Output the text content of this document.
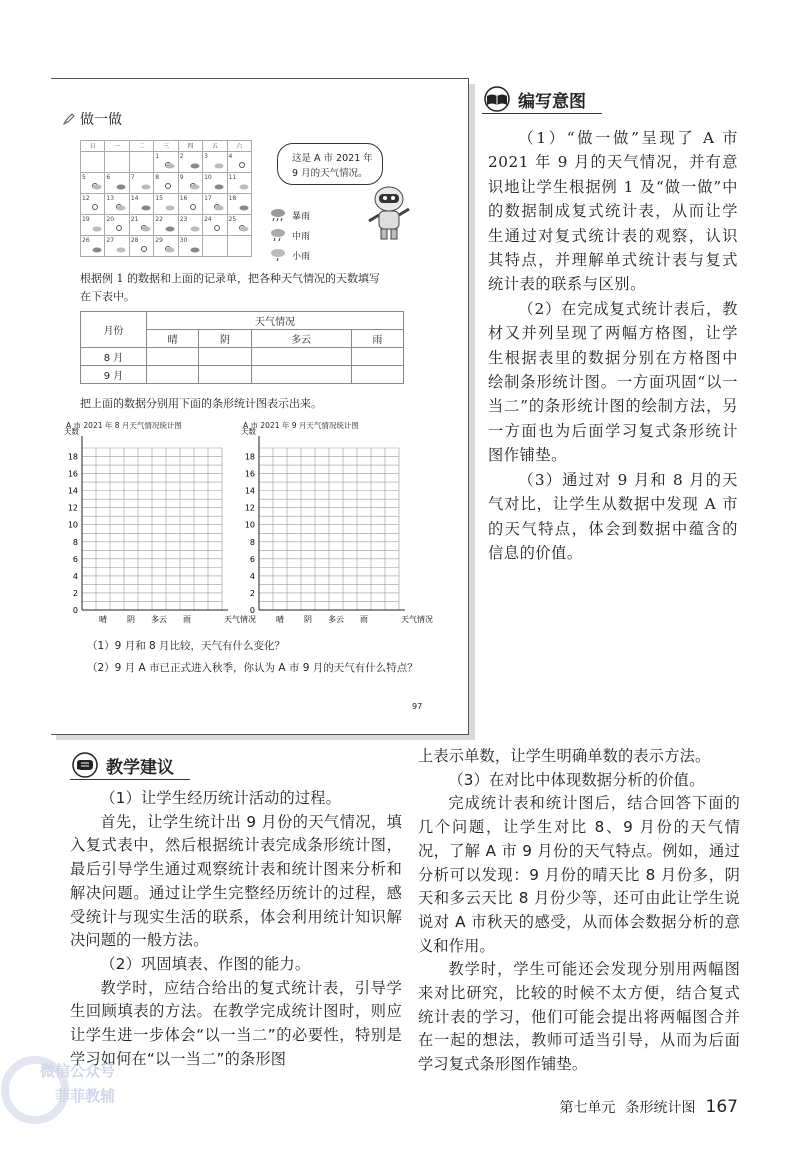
做一做
日	一	二	三	四	五	六
			1	2	3	4

5	6	7	8	9	10	11

12	13	14	15	16	17	18

19	20	21	22	23	24	25

26	27	28	29	30

这是 A 市 2021 年
9 月的天气情况。
暴雨
中雨
小雨
根据例 1 的数据和上面的记录单，把各种天气情况的天数填写
在下表中。
月份	天气情况			
	晴	阴	多云	雨
8 月				
9 月				
把上面的数据分别用下面的条形统计图表示出来。
A 市 2021 年 8 月天气情况统计图
天数
0
2
4
6
8
10
12
14
16
18
晴	阴 多云 雨	天气情况
A 市 2021 年 9 月天气情况统计图
天数
0
2
4
6
8
10
12
14
16
18
晴	阴 多云 雨	天气情况
（1）9 月和 8 月比较，天气有什么变化？
（2）9 月 A 市已正式进入秋季，你认为 A 市 9 月的天气有什么特点？
97
编写意图

（1）“做一做”呈现了 A 市 2021 年 9 月的天气情况，并有意识地让学生根据例 1 及“做一做”中的数据制成复式统计表，从而让学生通过对复式统计表的观察，认识其特点，并理解单式统计表与复式统计表的联系与区别。

（2）在完成复式统计表后，教材又并列呈现了两幅方格图，让学生根据表里的数据分别在方格图中绘制条形统计图。一方面巩固“以一当二”的条形统计图的绘制方法，另一方面也为后面学习复式条形统计图作铺垫。

（3）通过对 9 月和 8 月的天气对比，让学生从数据中发现 A 市的天气特点，体会到数据中蕴含的信息的价值。

教学建议

（1）让学生经历统计活动的过程。

首先，让学生统计出 9 月份的天气情况，填入复式表中，然后根据统计表完成条形统计图，最后引导学生通过观察统计表和统计图来分析和解决问题。通过让学生完整经历统计的过程，感受统计与现实生活的联系，体会利用统计知识解决问题的一般方法。

（2）巩固填表、作图的能力。

教学时，应结合给出的复式统计表，引导学生回顾填表的方法。在教学完成统计图时，则应让学生进一步体会“以一当二”的必要性，特别是学习如何在“以一当二”的条形图

上表示单数，让学生明确单数的表示方法。

（3）在对比中体现数据分析的价值。

完成统计表和统计图后，结合回答下面的几个问题，让学生对比 8、9 月份的天气情况，了解 A 市 9 月份的天气特点。例如，通过分析可以发现：9 月份的晴天比 8 月份多，阴天和多云天比 8 月份少等，还可由此让学生说说对 A 市秋天的感受，从而体会数据分析的意义和作用。

教学时，学生可能还会发现分别用两幅图来对比研究，比较的时候不太方便，结合复式统计表的学习，他们可能会提出将两幅图合并在一起的想法，教师可适当引导，从而为后面学习复式条形图作铺垫。

第七单元 条形统计图 167
微信公众号
菲菲教辅
